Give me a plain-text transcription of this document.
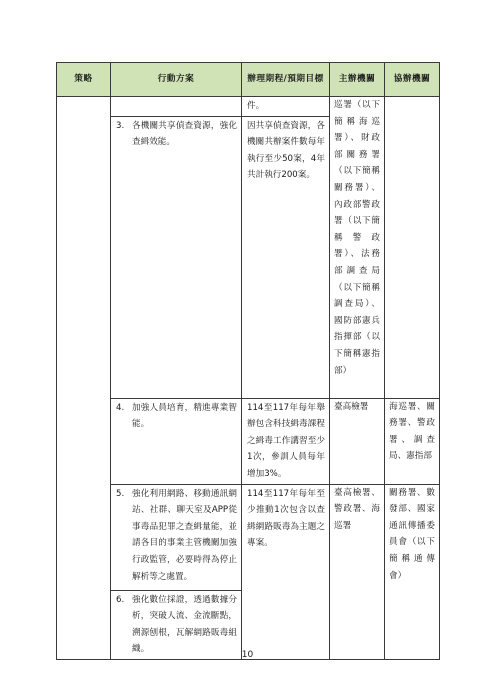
策略	行動方案	辦理期程/預期目標	主辦機關	協辦機關

		件。	巡署（以下簡稱海巡署）、財政部關務署（以下簡稱關務署）、內政部警政署（以下簡稱警政署）、法務部調查局（以下簡稱調查局）、國防部憲兵指揮部（以下簡稱憲指部）	

	3. 各機關共享偵查資源，強化查緝效能。	因共享偵查資源，各機關共辦案件數每年執行至少50案，4年共計執行200案。		

	4. 加強人員培育，精進專業智能。	114至117年每年舉辦包含科技緝毒課程之緝毒工作講習至少1次，參訓人員每年增加3%。	臺高檢署	海巡署、關務署、警政署、調查局、憲指部

	5. 強化利用網路、移動通訊網站、社群、聊天室及APP從事毒品犯罪之查緝量能，並請各目的事業主管機關加強行政監管，必要時得為停止解析等之處置。	114至117年每年至少推動1次包含以查緝網路販毒為主題之專案。	臺高檢署、警政署、海巡署	關務署、數發部、國家通訊傳播委員會（以下簡稱通傳會）

	6. 強化數位採證，透過數據分析，突破人流、金流斷點，溯源刨根，瓦解網路販毒組織。			
10
